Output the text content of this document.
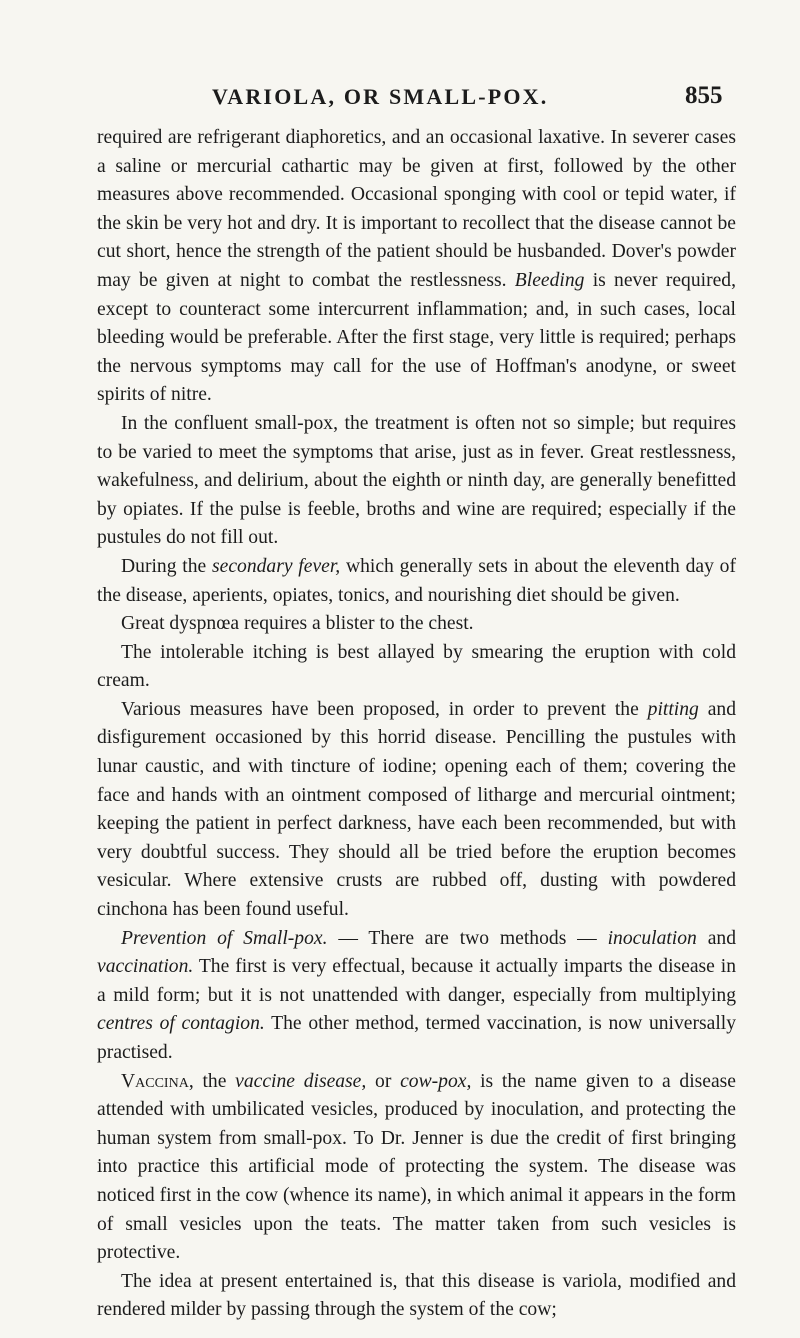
VARIOLA, OR SMALL-POX.	855

required are refrigerant diaphoretics, and an occasional laxative. In severer cases a saline or mercurial cathartic may be given at first, followed by the other measures above recommended. Occasional sponging with cool or tepid water, if the skin be very hot and dry. It is important to recollect that the disease cannot be cut short, hence the strength of the patient should be husbanded. Dover's powder may be given at night to combat the restlessness. Bleeding is never required, except to counteract some intercurrent inflammation; and, in such cases, local bleeding would be preferable. After the first stage, very little is required; perhaps the nervous symptoms may call for the use of Hoffman's anodyne, or sweet spirits of nitre.

In the confluent small-pox, the treatment is often not so simple; but requires to be varied to meet the symptoms that arise, just as in fever. Great restlessness, wakefulness, and delirium, about the eighth or ninth day, are generally benefitted by opiates. If the pulse is feeble, broths and wine are required; especially if the pustules do not fill out.

During the secondary fever, which generally sets in about the eleventh day of the disease, aperients, opiates, tonics, and nourishing diet should be given.

Great dyspnœa requires a blister to the chest.

The intolerable itching is best allayed by smearing the eruption with cold cream.

Various measures have been proposed, in order to prevent the pitting and disfigurement occasioned by this horrid disease. Pencilling the pustules with lunar caustic, and with tincture of iodine; opening each of them; covering the face and hands with an ointment composed of litharge and mercurial ointment; keeping the patient in perfect darkness, have each been recommended, but with very doubtful success. They should all be tried before the eruption becomes vesicular. Where extensive crusts are rubbed off, dusting with powdered cinchona has been found useful.

Prevention of Small-pox. — There are two methods — inoculation and vaccination. The first is very effectual, because it actually imparts the disease in a mild form; but it is not unattended with danger, especially from multiplying centres of contagion. The other method, termed vaccination, is now universally practised.

Vaccina, the vaccine disease, or cow-pox, is the name given to a disease attended with umbilicated vesicles, produced by inoculation, and protecting the human system from small-pox. To Dr. Jenner is due the credit of first bringing into practice this artificial mode of protecting the system. The disease was noticed first in the cow (whence its name), in which animal it appears in the form of small vesicles upon the teats. The matter taken from such vesicles is protective.

The idea at present entertained is, that this disease is variola, modified and rendered milder by passing through the system of the cow;
